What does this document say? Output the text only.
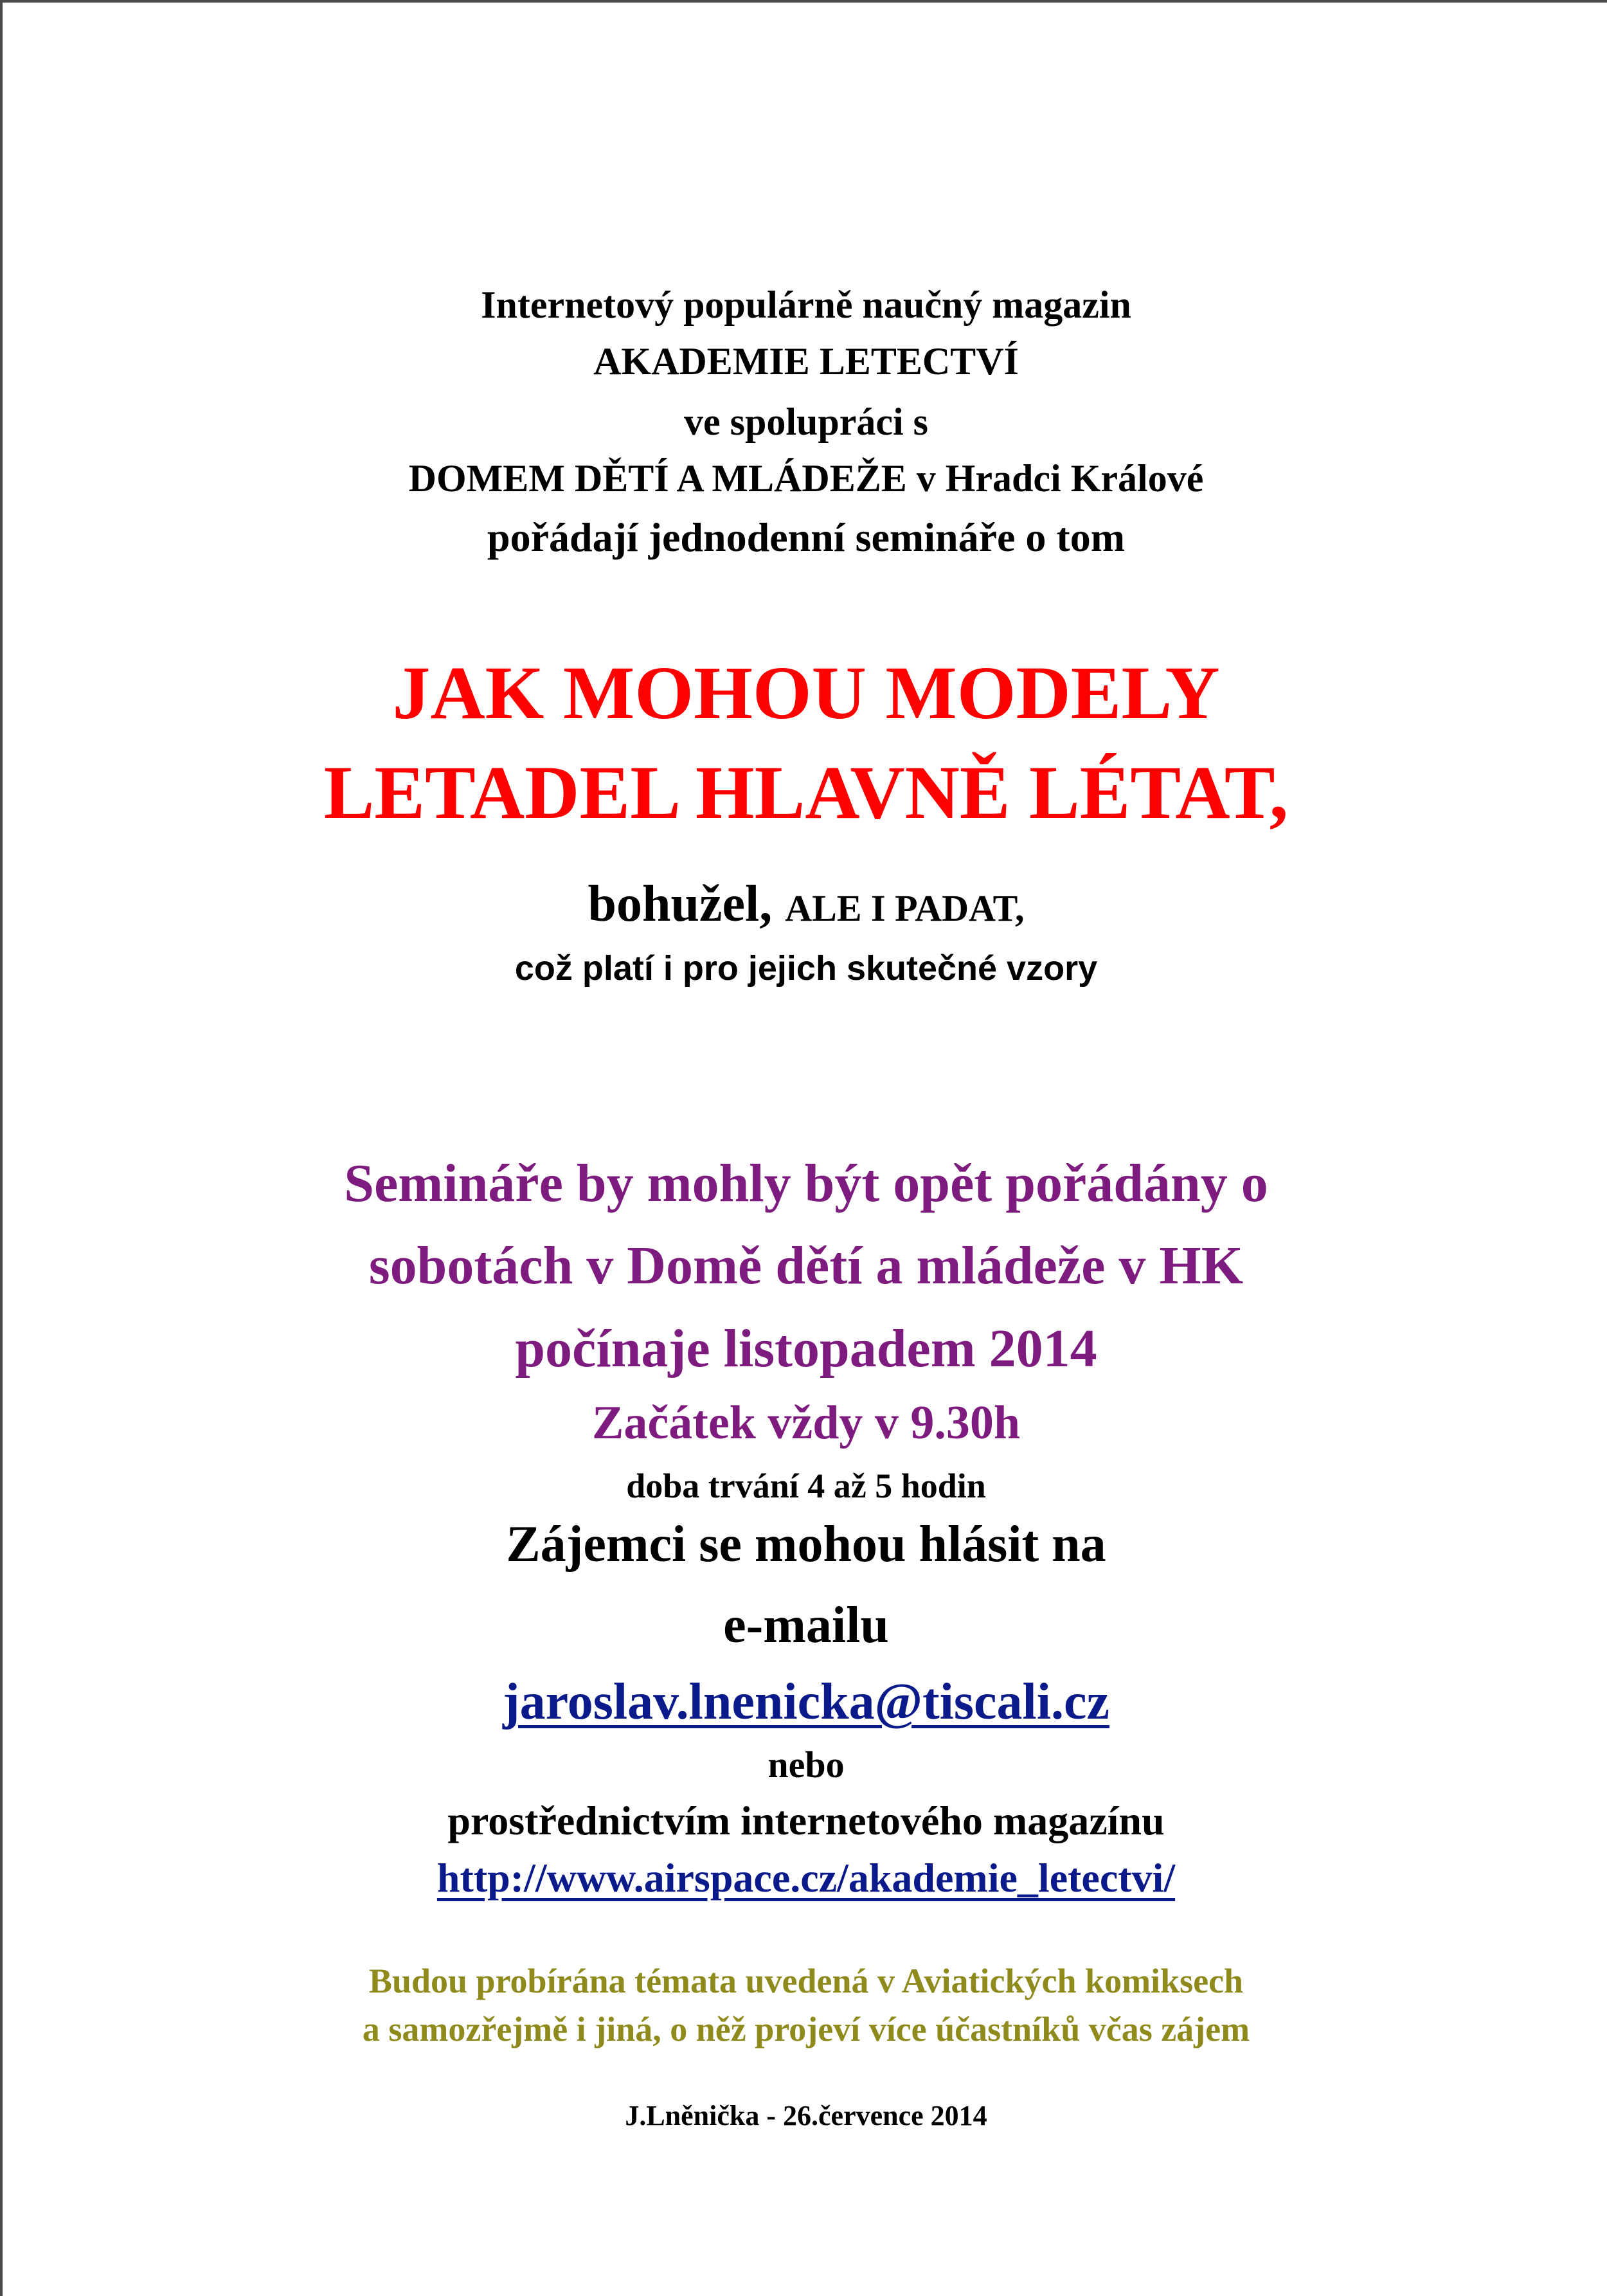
Internetový populárně naučný magazin

AKADEMIE LETECTVÍ

ve spolupráci s

DOMEM DĚTÍ A MLÁDEŽE v Hradci Králové

pořádají jednodenní semináře o tom

JAK MOHOU MODELY

LETADEL HLAVNĚ LÉTAT,

bohužel, ALE I PADAT,

což platí i pro jejich skutečné vzory

Semináře by mohly být opět pořádány o

sobotách v Domě dětí a mládeže v HK

počínaje listopadem 2014

Začátek vždy v 9.30h

doba trvání 4 až 5 hodin

Zájemci se mohou hlásit na

e-mailu

jaroslav.lnenicka@tiscali.cz

nebo

prostřednictvím internetového magazínu

http://www.airspace.cz/akademie_letectvi/

Budou probírána témata uvedená v Aviatických komiksech

a samozřejmě i jiná, o něž projeví více účastníků včas zájem

J.Lněnička - 26.července 2014
